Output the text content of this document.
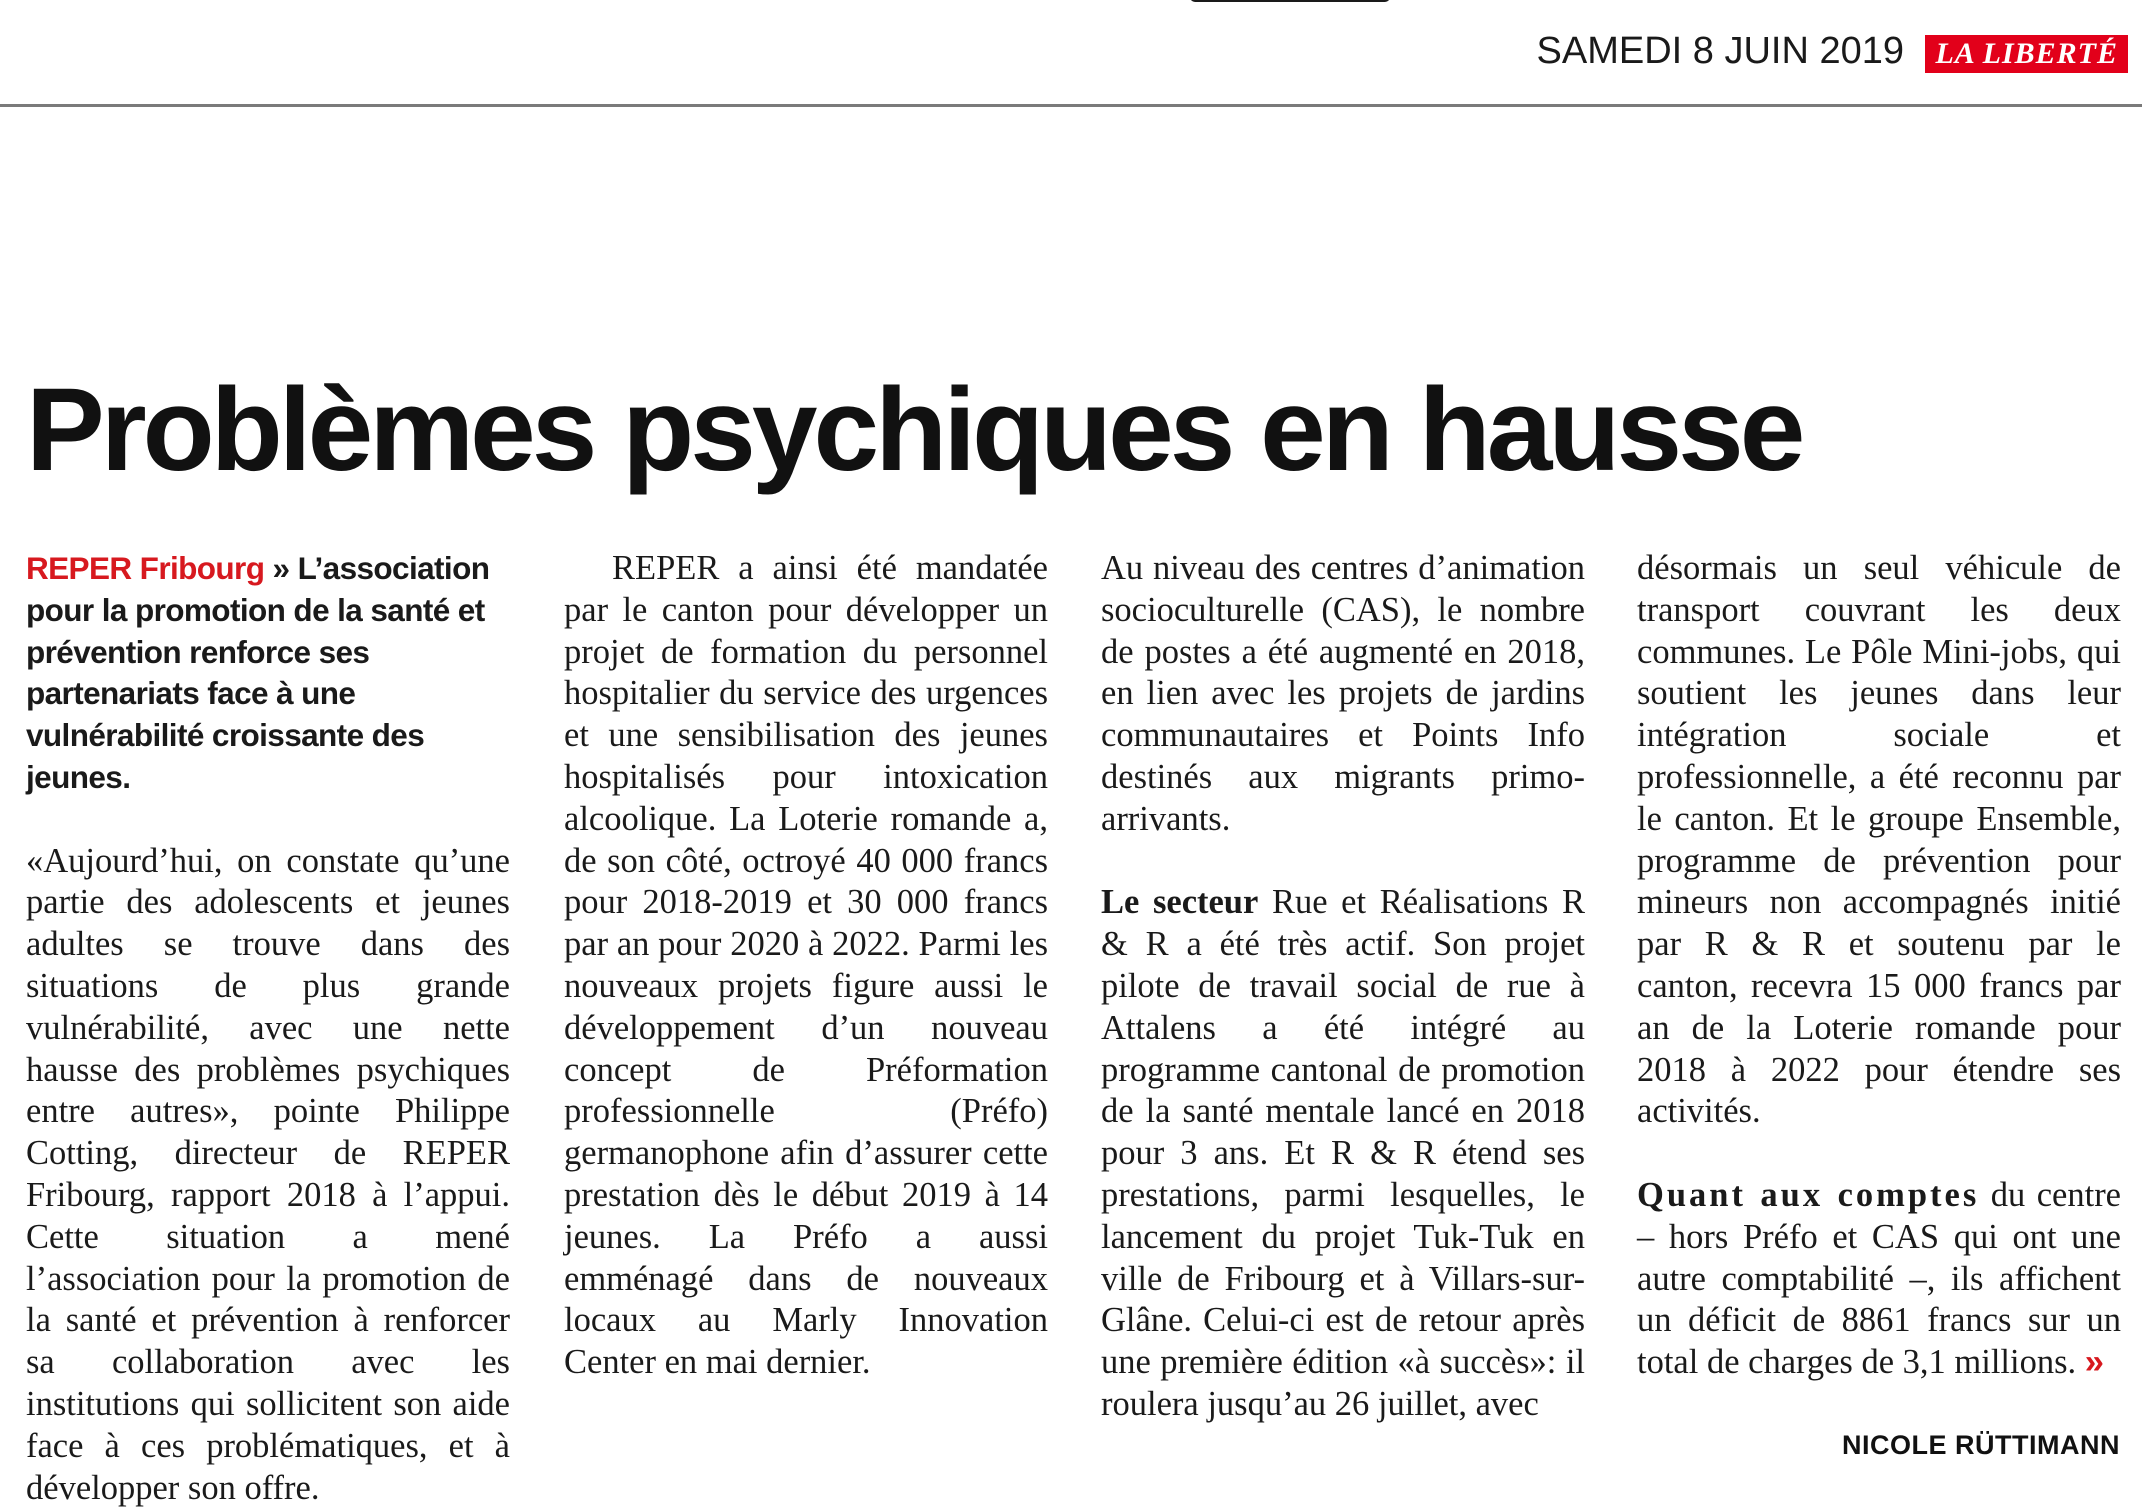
SAMEDI 8 JUIN 2019	LA LIBERTÉ
Problèmes psychiques en hausse

REPER Fribourg » L’association pour la promotion de la santé et prévention renforce ses partenariats face à une vulnérabilité croissante des jeunes.

«Aujourd’hui, on constate qu’une partie des adolescents et jeunes adultes se trouve dans des situations de plus grande vulnérabilité, avec une nette hausse des problèmes psychiques entre autres», pointe Philippe Cotting, directeur de REPER Fribourg, rapport 2018 à l’appui. Cette situation a mené l’association pour la promotion de la santé et prévention à renforcer sa collaboration avec les institutions qui sollicitent son aide face à ces problématiques, et à développer son offre.

REPER a ainsi été mandatée par le canton pour développer un projet de formation du personnel hospitalier du service des urgences et une sensibilisation des jeunes hospitalisés pour intoxication alcoolique. La Loterie romande a, de son côté, octroyé 40 000 francs pour 2018-2019 et 30 000 francs par an pour 2020 à 2022. Parmi les nouveaux projets figure aussi le développement d’un nouveau concept de Préformation professionnelle (Préfo) germanophone afin d’assurer cette prestation dès le début 2019 à 14 jeunes. La Préfo a aussi emménagé dans de nouveaux locaux au Marly Innovation Center en mai dernier.

Au niveau des centres d’animation socioculturelle (CAS), le nombre de postes a été augmenté en 2018, en lien avec les projets de jardins communautaires et Points Info destinés aux migrants primo-arrivants.

Le secteur Rue et Réalisations R & R a été très actif. Son projet pilote de travail social de rue à Attalens a été intégré au programme cantonal de promotion de la santé mentale lancé en 2018 pour 3 ans. Et R & R étend ses prestations, parmi lesquelles, le lancement du projet Tuk-Tuk en ville de Fribourg et à Villars-sur-Glâne. Celui-ci est de retour après une première édition «à succès»: il roulera jusqu’au 26 juillet, avec

désormais un seul véhicule de transport couvrant les deux communes. Le Pôle Mini-jobs, qui soutient les jeunes dans leur intégration sociale et professionnelle, a été reconnu par le canton. Et le groupe Ensemble, programme de prévention pour mineurs non accompagnés initié par R & R et soutenu par le canton, recevra 15 000 francs par an de la Loterie romande pour 2018 à 2022 pour étendre ses activités.

Quant aux comptes du centre – hors Préfo et CAS qui ont une autre comptabilité –, ils affichent un déficit de 8861 francs sur un total de charges de 3,1 millions. »

NICOLE RÜTTIMANN
